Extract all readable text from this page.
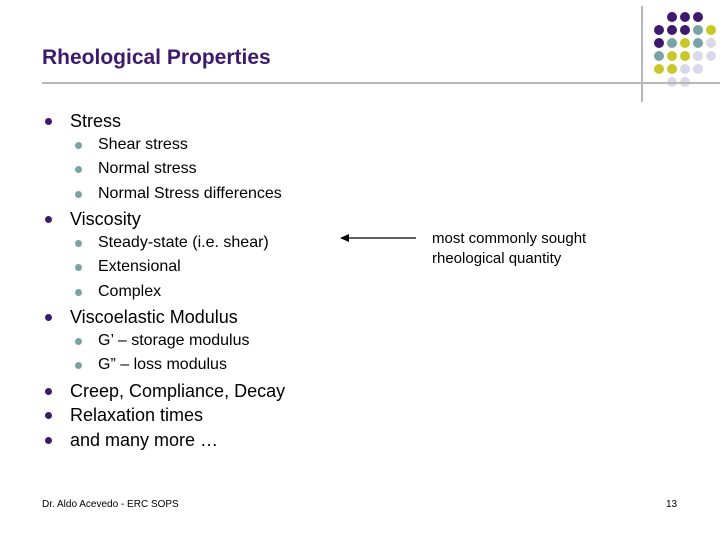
Rheological Properties
Stress
Shear stress
Normal stress
Normal Stress differences
Viscosity
Steady-state (i.e. shear)
Extensional
Complex
Viscoelastic Modulus
G’ – storage modulus
G” – loss modulus
Creep, Compliance, Decay
Relaxation times
and many more …
most commonly sought
rheological quantity
Dr. Aldo Acevedo - ERC SOPS	13
